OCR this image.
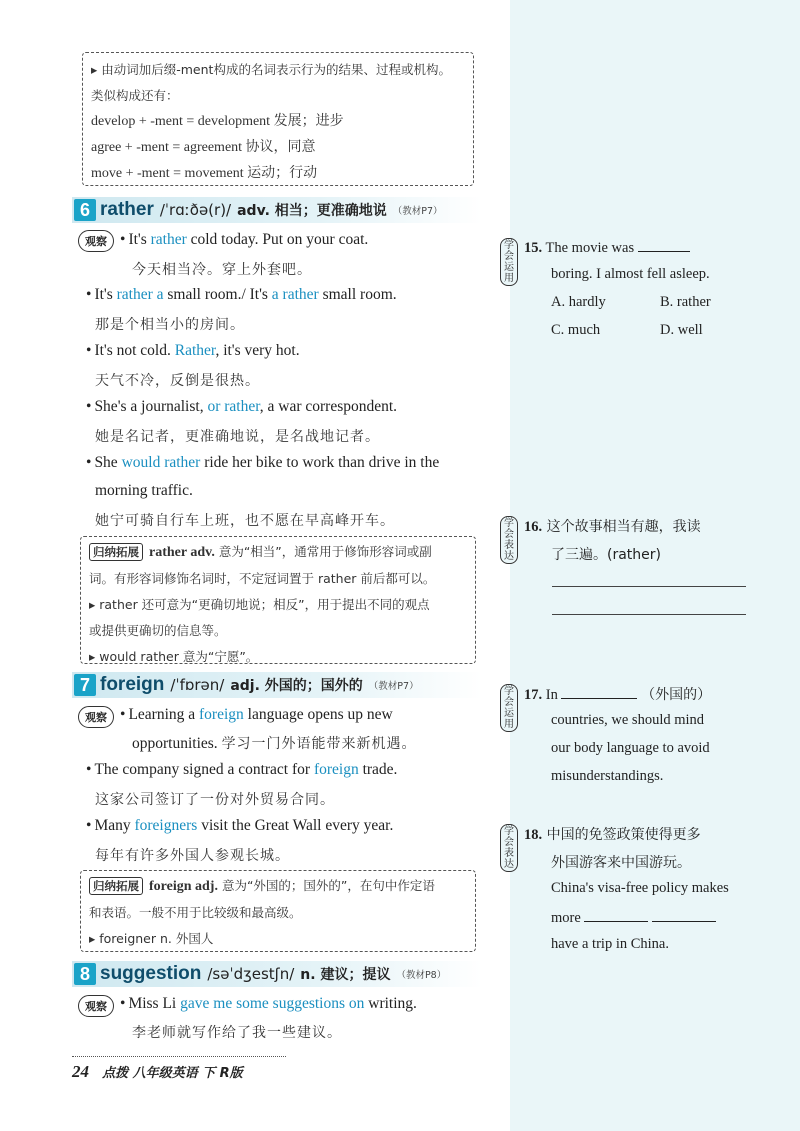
▸ 由动词加后缀-ment构成的名词表示行为的结果、过程或机构。

类似构成还有：

develop + -ment = development 发展；进步

agree + -ment = agreement 协议，同意

move + -ment = movement 运动；行动

6 rather /ˈrɑːðə(r)/ adv. 相当；更准确地说 （教材P7）
观察	• It's rather cold today. Put on your coat.
今天相当冷。穿上外套吧。
• It's rather a small room./ It's a rather small room.
那是个相当小的房间。
• It's not cold. Rather, it's very hot.
天气不冷，反倒是很热。
• She's a journalist, or rather, a war correspondent.
她是名记者，更准确地说，是名战地记者。
• She would rather ride her bike to work than drive in the
morning traffic.
她宁可骑自行车上班，也不愿在早高峰开车。

归纳拓展 rather adv. 意为“相当”，通常用于修饰形容词或副

词。有形容词修饰名词时，不定冠词置于 rather 前后都可以。

▸ rather 还可意为“更确切地说；相反”，用于提出不同的观点

或提供更确切的信息等。

▸ would rather 意为“宁愿”。

7 foreign /ˈfɒrən/ adj. 外国的；国外的 （教材P7）
观察	• Learning a foreign language opens up new
opportunities. 学习一门外语能带来新机遇。
• The company signed a contract for foreign trade.
这家公司签订了一份对外贸易合同。
• Many foreigners visit the Great Wall every year.
每年有许多外国人参观长城。

归纳拓展 foreign adj. 意为“外国的；国外的”，在句中作定语

和表语。一般不用于比较级和最高级。

▸ foreigner n. 外国人

8 suggestion /səˈdʒestʃn/ n. 建议；提议 （教材P8）
观察	• Miss Li gave me some suggestions on writing.
李老师就写作给了我一些建议。
学会运用
15. The movie was
boring. I almost fell asleep.
A. hardly	B. rather
C. much	D. well
学会表达
16. 这个故事相当有趣，我读
了三遍。(rather)
学会运用
17. In	（外国的）
countries, we should mind
our body language to avoid
misunderstandings.
学会表达
18. 中国的免签政策使得更多
外国游客来中国游玩。
China's visa-free policy makes
more
have a trip in China.
24 点拨 八年级英语 下 R版
